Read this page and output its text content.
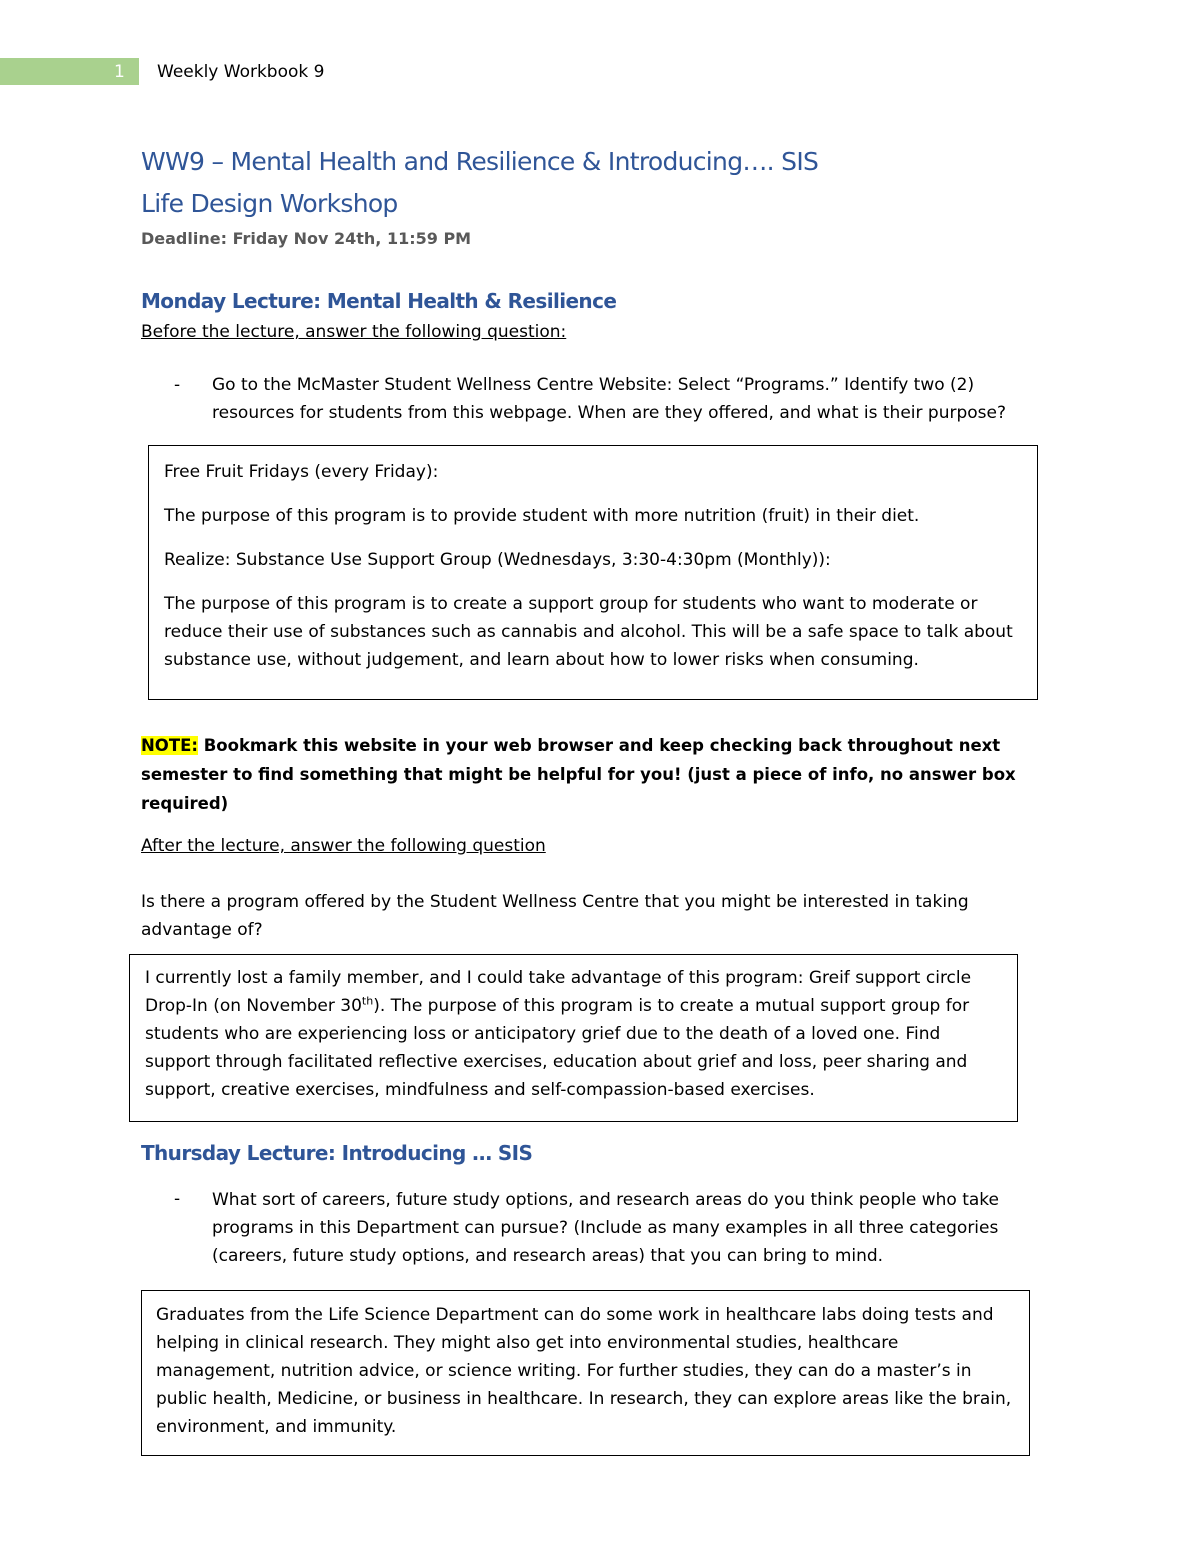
1 Weekly Workbook 9
WW9 – Mental Health and Resilience & Introducing…. SIS
Life Design Workshop
Deadline: Friday Nov 24th, 11:59 PM
Monday Lecture: Mental Health & Resilience
Before the lecture, answer the following question:
- Go to the McMaster Student Wellness Centre Website: Select “Programs.” Identify two (2)
resources for students from this webpage. When are they offered, and what is their purpose?

Free Fruit Fridays (every Friday):

The purpose of this program is to provide student with more nutrition (fruit) in their diet.

Realize: Substance Use Support Group (Wednesdays, 3:30-4:30pm (Monthly)):

The purpose of this program is to create a support group for students who want to moderate or reduce their use of substances such as cannabis and alcohol. This will be a safe space to talk about substance use, without judgement, and learn about how to lower risks when consuming.

NOTE: Bookmark this website in your web browser and keep checking back throughout next semester to find something that might be helpful for you! (just a piece of info, no answer box required)
After the lecture, answer the following question
Is there a program offered by the Student Wellness Centre that you might be interested in taking advantage of?

I currently lost a family member, and I could take advantage of this program: Greif support circle Drop-In (on November 30th). The purpose of this program is to create a mutual support group for students who are experiencing loss or anticipatory grief due to the death of a loved one. Find support through facilitated reflective exercises, education about grief and loss, peer sharing and support, creative exercises, mindfulness and self-compassion-based exercises.

Thursday Lecture: Introducing … SIS
- What sort of careers, future study options, and research areas do you think people who take programs in this Department can pursue? (Include as many examples in all three categories (careers, future study options, and research areas) that you can bring to mind.

Graduates from the Life Science Department can do some work in healthcare labs doing tests and helping in clinical research. They might also get into environmental studies, healthcare management, nutrition advice, or science writing. For further studies, they can do a master’s in public health, Medicine, or business in healthcare. In research, they can explore areas like the brain, environment, and immunity.
